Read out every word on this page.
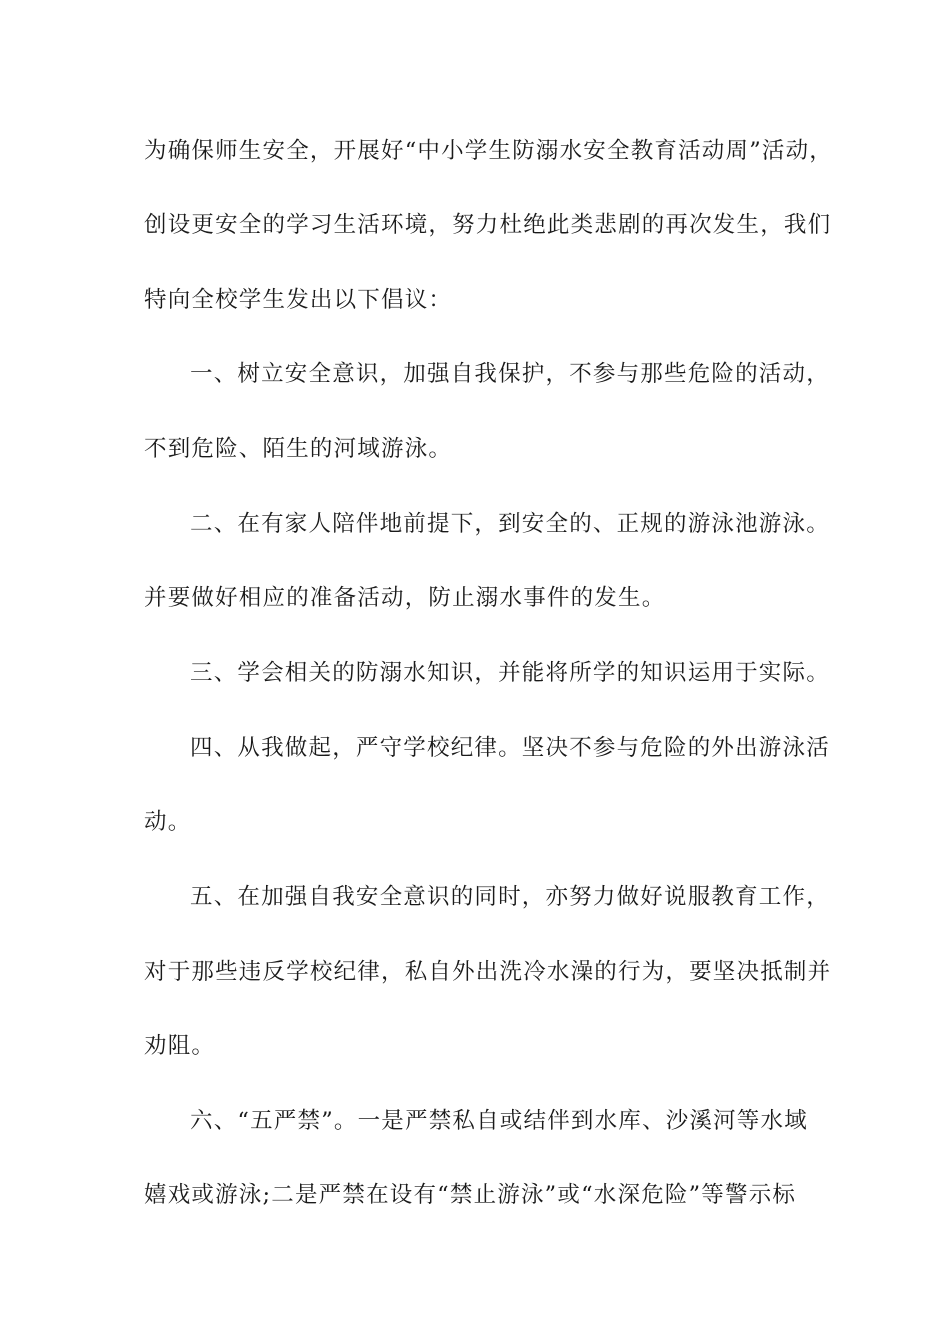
为确保师生安全，开展好“中小学生防溺水安全教育活动周”活动，
创设更安全的学习生活环境，努力杜绝此类悲剧的再次发生，我们
特向全校学生发出以下倡议：
一、树立安全意识，加强自我保护，不参与那些危险的活动，
不到危险、陌生的河域游泳。
二、在有家人陪伴地前提下，到安全的、正规的游泳池游泳。
并要做好相应的准备活动，防止溺水事件的发生。
三、学会相关的防溺水知识，并能将所学的知识运用于实际。
四、从我做起，严守学校纪律。坚决不参与危险的外出游泳活
动。
五、在加强自我安全意识的同时，亦努力做好说服教育工作，
对于那些违反学校纪律，私自外出洗冷水澡的行为，要坚决抵制并
劝阻。
六、“五严禁”。一是严禁私自或结伴到水库、沙溪河等水域
嬉戏或游泳;二是严禁在设有“禁止游泳”或“水深危险”等警示标
